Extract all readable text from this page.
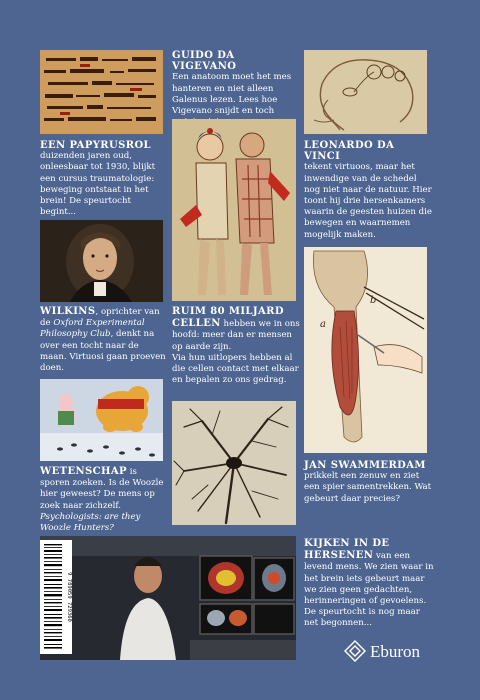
EEN PAPYRUSROL
duizenden jaren oud, onleesbaar tot 1930, blijkt een cursus traumatologie: beweging ontstaat in het brein! De speurtocht begint...
GUIDO DA VIGEVANO
Een anatoom moet het mes hanteren en niet alleen Galenus lezen. Lees hoe Vigevano snijdt en toch
LEONARDO DA VINCI
tekent virtuoos, maar het inwendige van de schedel nog niet naar de natuur. Hier toont hij drie hersenkamers waarin de geesten huizen die bewegen en waarnemen mogelijk maken.
WILKINS, oprichter van de Oxford Experimental Philosophy Club, denkt na over een tocht naar de maan. Virtuosi gaan proeven doen.
RUIM 80 MILJARD CELLEN hebben we in ons hoofd: meer dan er mensen op aarde zijn.
Via hun uitlopers hebben al die cellen contact met elkaar en bepalen zo ons gedrag.
WETENSCHAP is sporen zoeken. Is de Woozle hier geweest? De mens op zoek naar zichzelf. Psychologists: are they Woozle Hunters?
a
b
JAN SWAMMERDAM
prikkelt een zenuw en ziet een spier samentrekken. Wat gebeurt daar precies?
9 789059 729360
KIJKEN IN DE HERSENEN van een levend mens. We zien waar in het brein iets gebeurt maar we zien geen gedachten, herinneringen of gevoelens. De speurtocht is nog maar net begonnen...
Eburon
